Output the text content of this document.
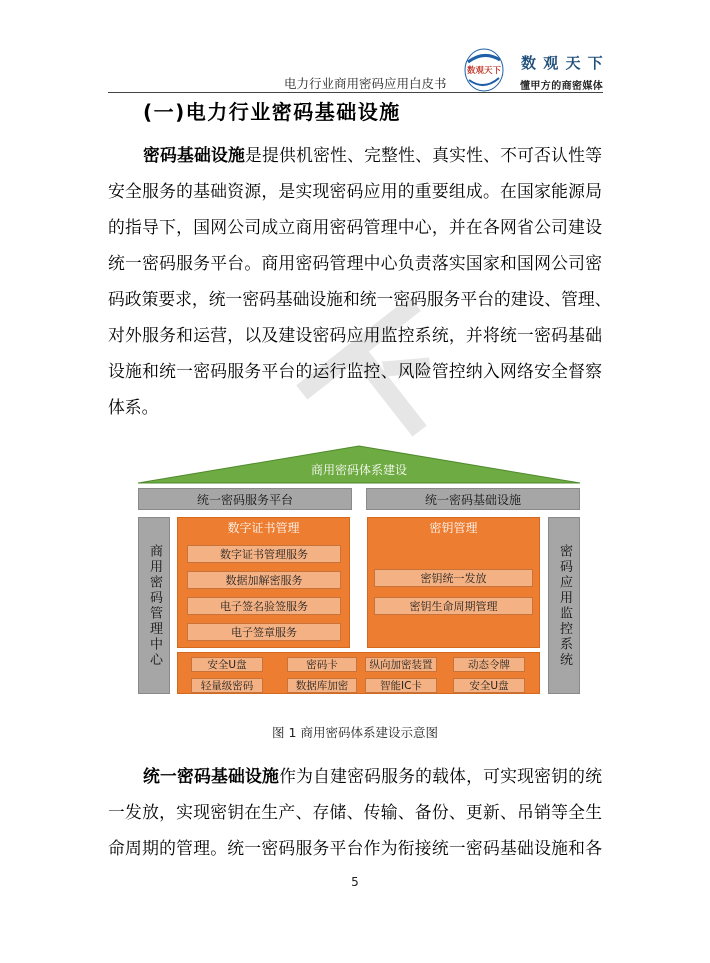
电力行业商用密码应用白皮书
数观天下 数 观 天 下
懂甲方的商密媒体
(一)电力行业密码基础设施
密码基础设施是提供机密性、完整性、真实性、不可否认性等
安全服务的基础资源，是实现密码应用的重要组成。在国家能源局
的指导下，国网公司成立商用密码管理中心，并在各网省公司建设
统一密码服务平台。商用密码管理中心负责落实国家和国网公司密
码政策要求，统一密码基础设施和统一密码服务平台的建设、管理、
对外服务和运营，以及建设密码应用监控系统，并将统一密码基础
设施和统一密码服务平台的运行监控、风险管控纳入网络安全督察
体系。
商用密码体系建设
统一密码服务平台	统一密码基础设施
商用密码管理中心	密码应用监控系统
数字证书管理
数字证书管理服务
数据加解密服务
电子签名验签服务
电子签章服务
密钥管理
密钥统一发放
密钥生命周期管理
安全U盘	密码卡	纵向加密装置	动态令牌
轻量级密码	数据库加密	智能IC卡	安全U盘
图 1 商用密码体系建设示意图
统一密码基础设施作为自建密码服务的载体，可实现密钥的统
一发放，实现密钥在生产、存储、传输、备份、更新、吊销等全生
命周期的管理。统一密码服务平台作为衔接统一密码基础设施和各
5
